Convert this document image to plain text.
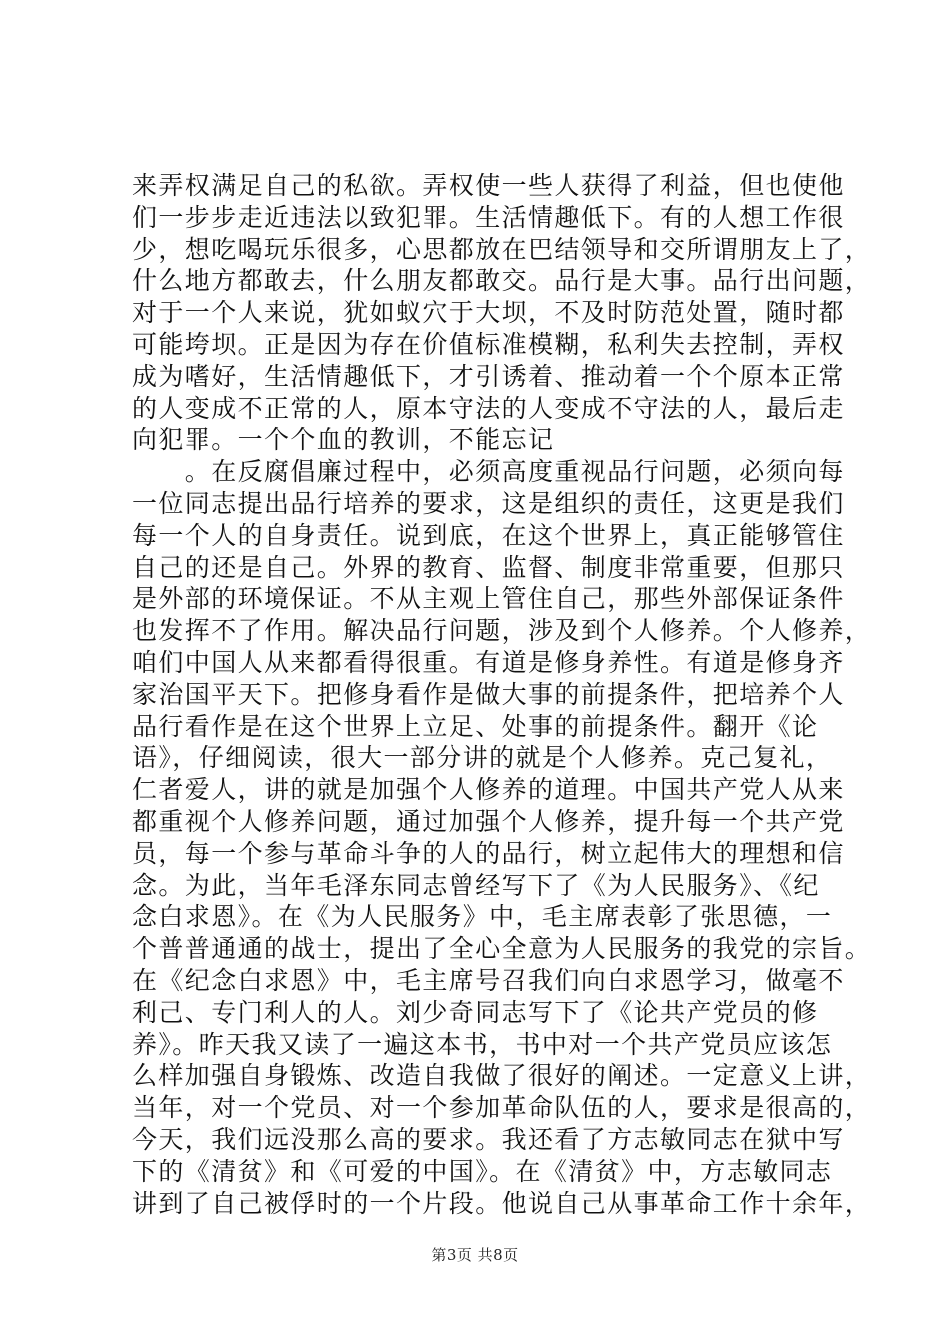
来弄权满足自己的私欲。弄权使一些人获得了利益，但也使他
们一步步走近违法以致犯罪。生活情趣低下。有的人想工作很
少，想吃喝玩乐很多，心思都放在巴结领导和交所谓朋友上了，
什么地方都敢去，什么朋友都敢交。品行是大事。品行出问题，
对于一个人来说，犹如蚁穴于大坝，不及时防范处置，随时都
可能垮坝。正是因为存在价值标准模糊，私利失去控制，弄权
成为嗜好，生活情趣低下，才引诱着、推动着一个个原本正常
的人变成不正常的人，原本守法的人变成不守法的人，最后走
向犯罪。一个个血的教训，不能忘记
　　。在反腐倡廉过程中，必须高度重视品行问题，必须向每
一位同志提出品行培养的要求，这是组织的责任，这更是我们
每一个人的自身责任。说到底，在这个世界上，真正能够管住
自己的还是自己。外界的教育、监督、制度非常重要，但那只
是外部的环境保证。不从主观上管住自己，那些外部保证条件
也发挥不了作用。解决品行问题，涉及到个人修养。个人修养，
咱们中国人从来都看得很重。有道是修身养性。有道是修身齐
家治国平天下。把修身看作是做大事的前提条件，把培养个人
品行看作是在这个世界上立足、处事的前提条件。翻开《论
语》，仔细阅读，很大一部分讲的就是个人修养。克己复礼，
仁者爱人，讲的就是加强个人修养的道理。中国共产党人从来
都重视个人修养问题，通过加强个人修养，提升每一个共产党
员，每一个参与革命斗争的人的品行，树立起伟大的理想和信
念。为此，当年毛泽东同志曾经写下了《为人民服务》、《纪
念白求恩》。在《为人民服务》中，毛主席表彰了张思德，一
个普普通通的战士，提出了全心全意为人民服务的我党的宗旨。
在《纪念白求恩》中，毛主席号召我们向白求恩学习，做毫不
利己、专门利人的人。刘少奇同志写下了《论共产党员的修
养》。昨天我又读了一遍这本书，书中对一个共产党员应该怎
么样加强自身锻炼、改造自我做了很好的阐述。一定意义上讲，
当年，对一个党员、对一个参加革命队伍的人，要求是很高的，
今天，我们远没那么高的要求。我还看了方志敏同志在狱中写
下的《清贫》和《可爱的中国》。在《清贫》中，方志敏同志
讲到了自己被俘时的一个片段。他说自己从事革命工作十余年，
第3页 共8页
